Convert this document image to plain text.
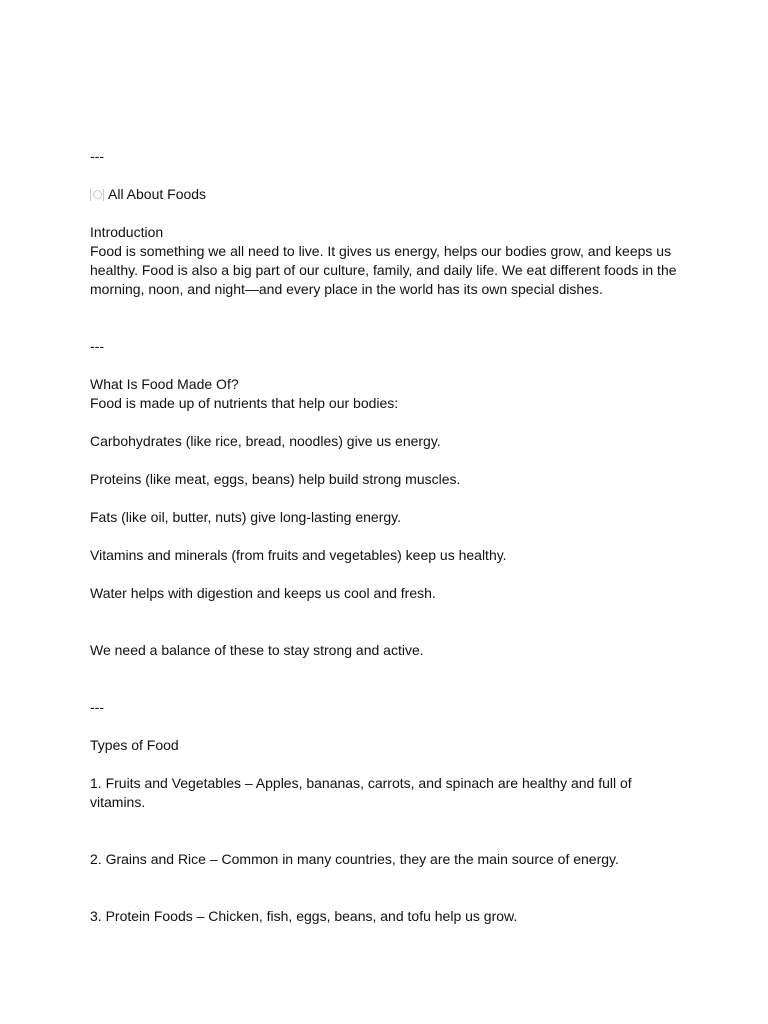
---

All About Foods

Introduction

Food is something we all need to live. It gives us energy, helps our bodies grow, and keeps us healthy. Food is also a big part of our culture, family, and daily life. We eat different foods in the morning, noon, and night—and every place in the world has its own special dishes.

---

What Is Food Made Of?

Food is made up of nutrients that help our bodies:

Carbohydrates (like rice, bread, noodles) give us energy.

Proteins (like meat, eggs, beans) help build strong muscles.

Fats (like oil, butter, nuts) give long-lasting energy.

Vitamins and minerals (from fruits and vegetables) keep us healthy.

Water helps with digestion and keeps us cool and fresh.

We need a balance of these to stay strong and active.

---

Types of Food

1. Fruits and Vegetables – Apples, bananas, carrots, and spinach are healthy and full of vitamins.

2. Grains and Rice – Common in many countries, they are the main source of energy.

3. Protein Foods – Chicken, fish, eggs, beans, and tofu help us grow.
